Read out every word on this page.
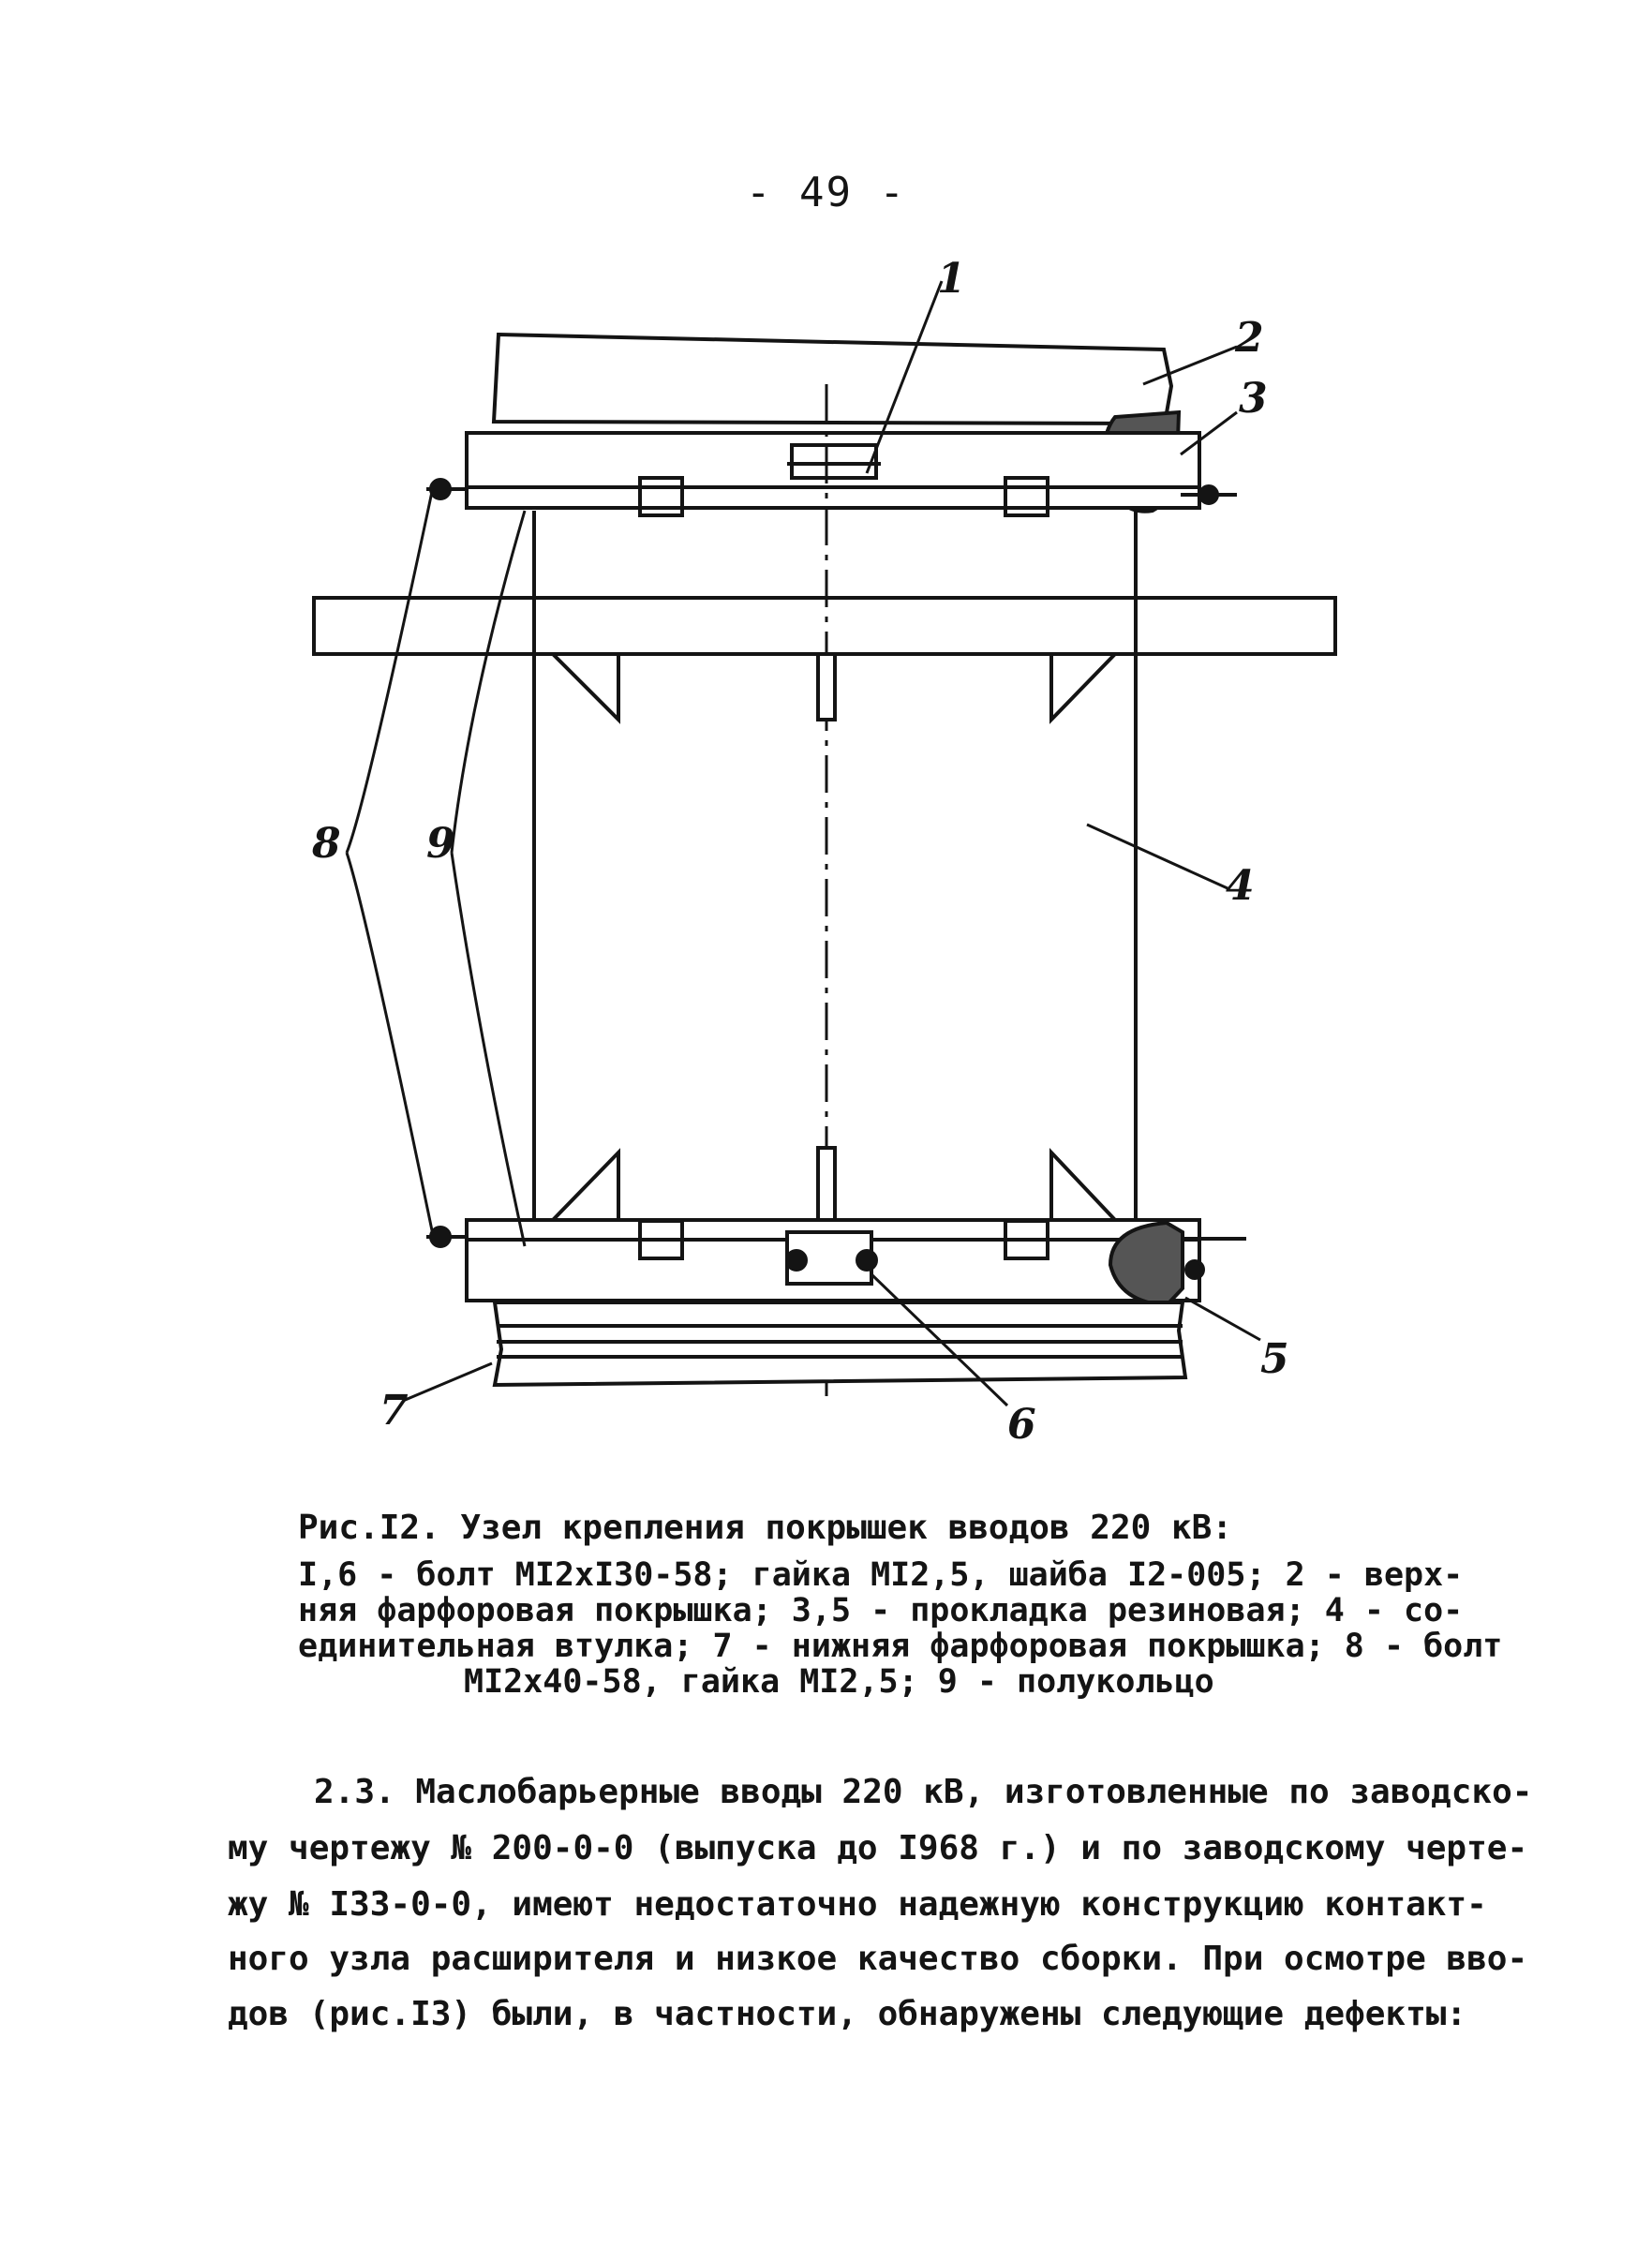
- 49 -
1
2
3
4
5
6
7
8 9
Рис.I2. Узел крепления покрышек вводов 220 кВ:
I,6 - болт МI2хI30-58; гайка МI2,5, шайба I2-005; 2 - верх-
няя фарфоровая покрышка; 3,5 - прокладка резиновая; 4 - со-
единительная втулка; 7 - нижняя фарфоровая покрышка; 8 - болт
МI2х40-58, гайка МI2,5; 9 - полукольцо
2.3. Маслобарьерные вводы 220 кВ, изготовленные по заводско-
му чертежу № 200-0-0 (выпуска до I968 г.) и по заводскому черте-
жу № I33-0-0, имеют недостаточно надежную конструкцию контакт-
ного узла расширителя и низкое качество сборки. При осмотре вво-
дов (рис.I3) были, в частности, обнаружены следующие дефекты:
